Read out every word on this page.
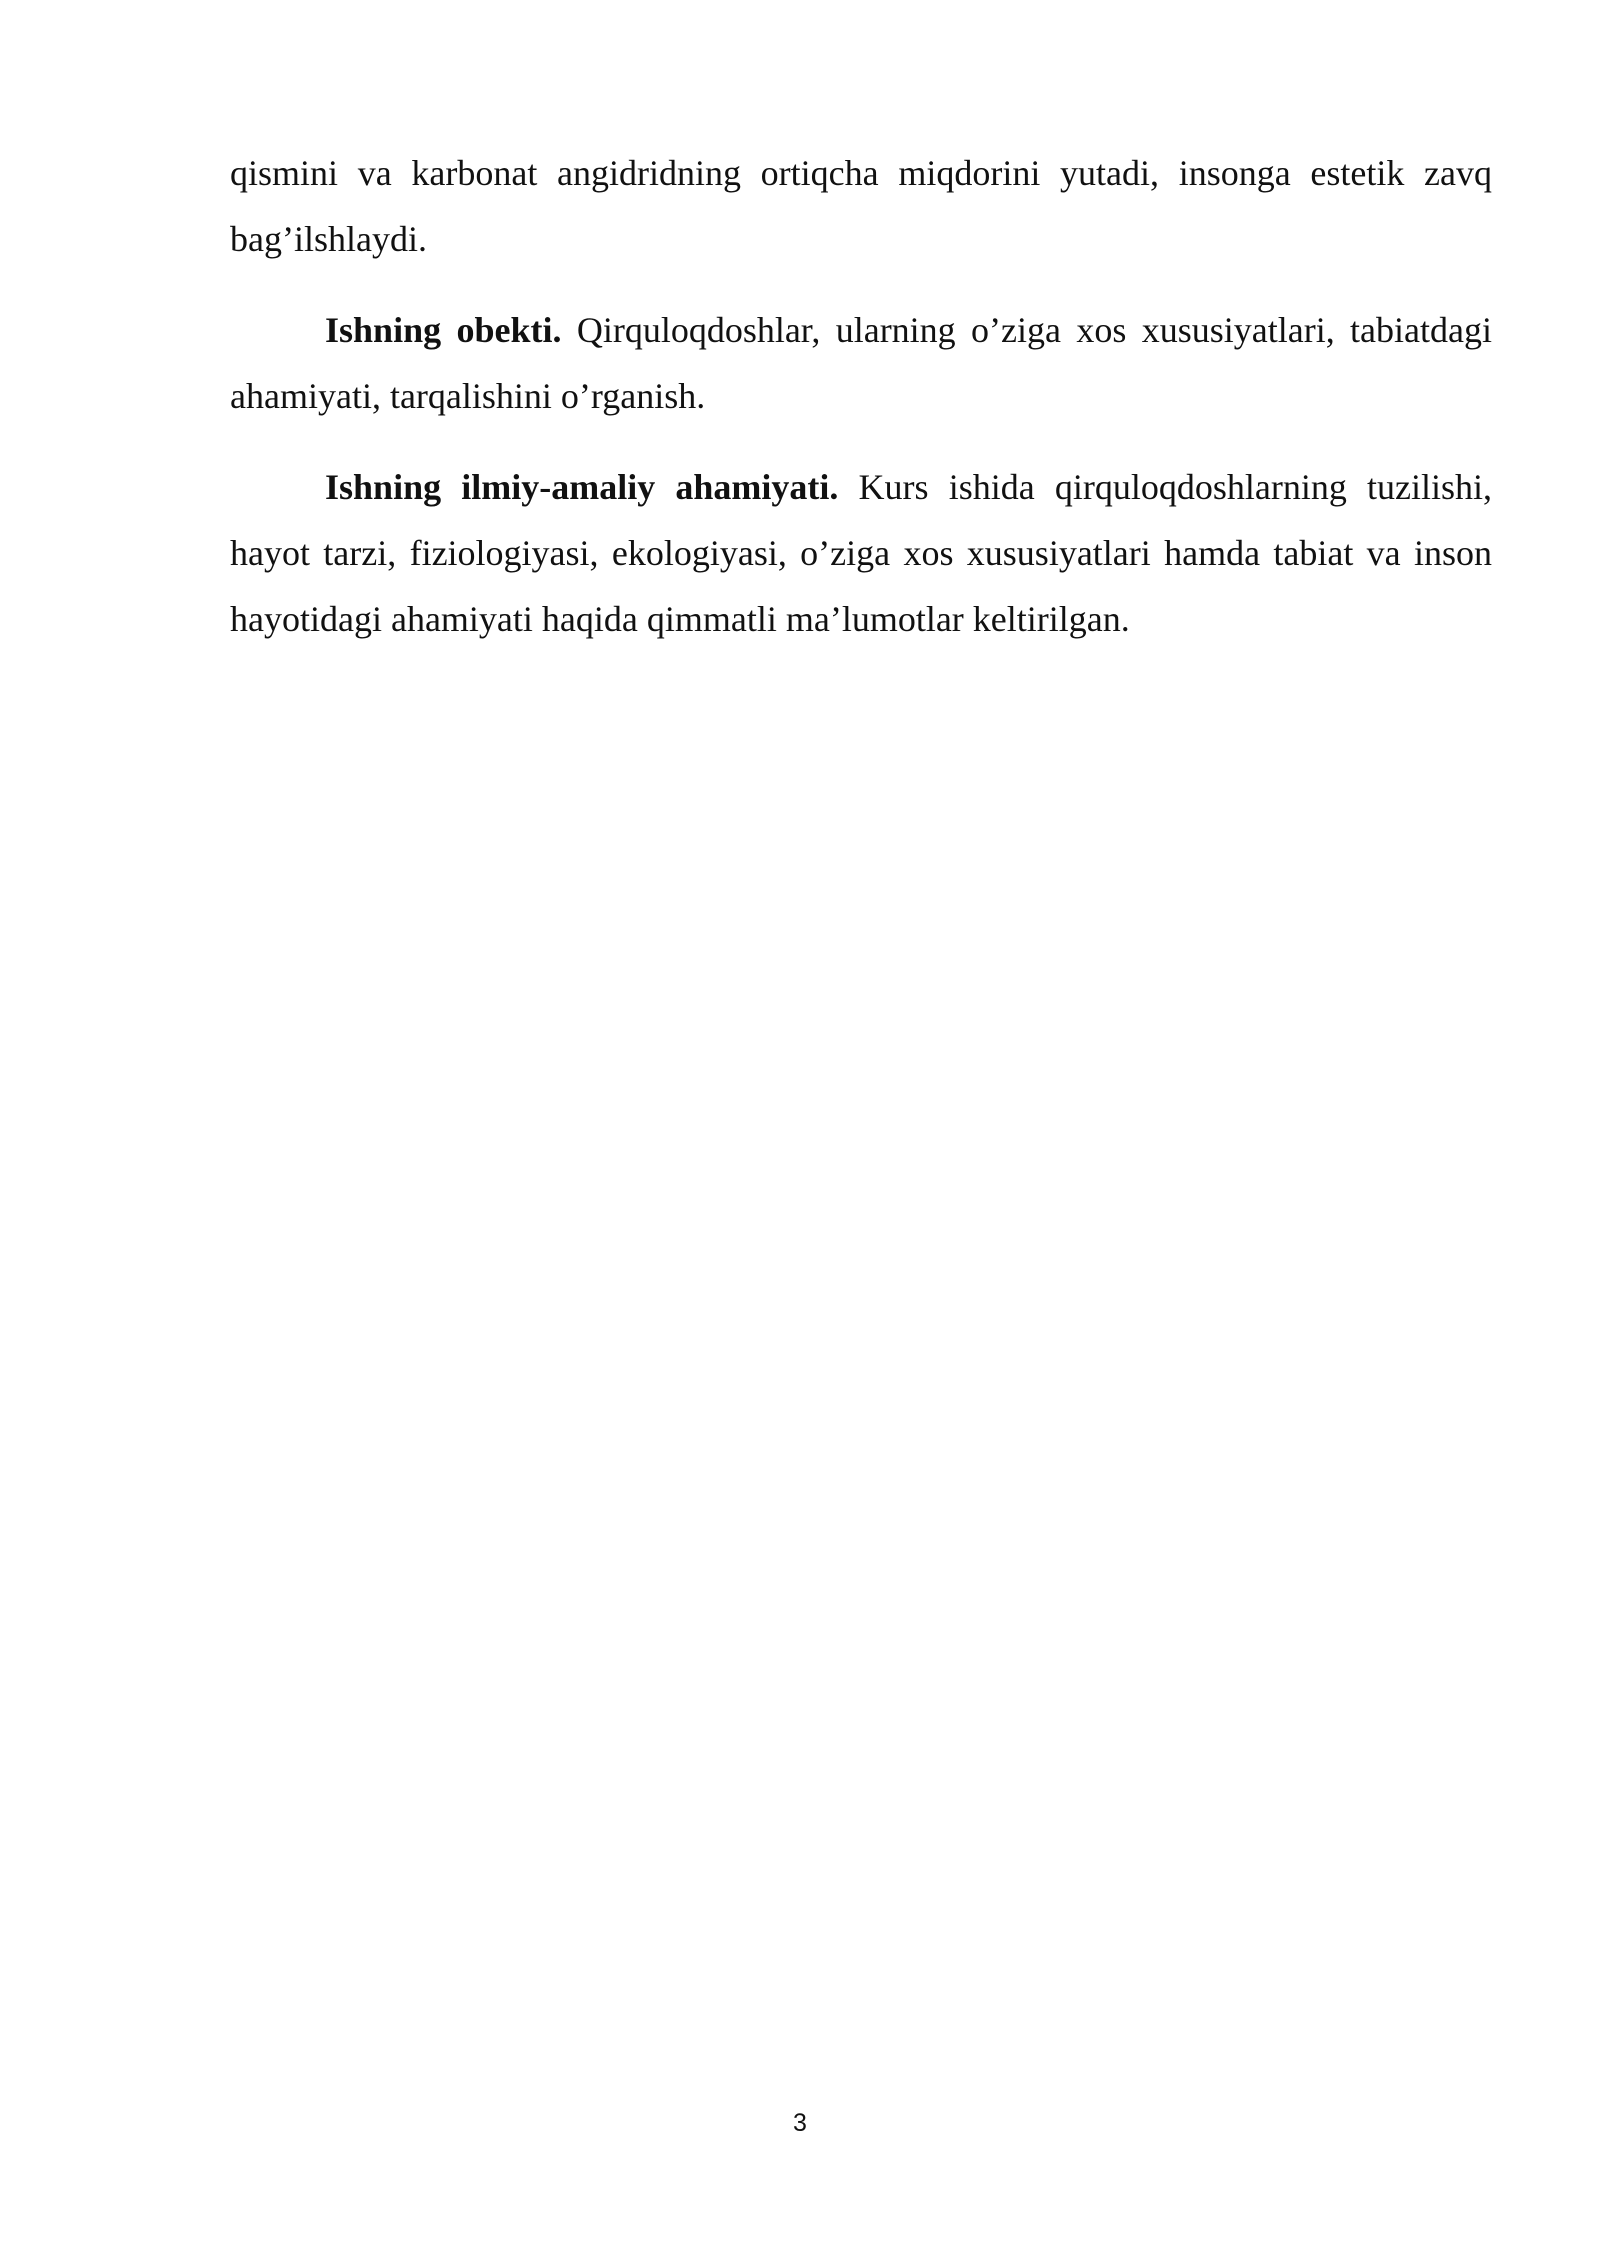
qismini va karbonat angidridning ortiqcha miqdorini yutadi, insonga estetik zavq bag’ilshlaydi.

Ishning obekti. Qirquloqdoshlar, ularning o’ziga xos xususiyatlari, tabiatdagi ahamiyati, tarqalishini o’rganish.

Ishning ilmiy-amaliy ahamiyati. Kurs ishida qirquloqdoshlarning tuzilishi, hayot tarzi, fiziologiyasi, ekologiyasi, o’ziga xos xususiyatlari hamda tabiat va inson hayotidagi ahamiyati haqida qimmatli ma’lumotlar keltirilgan.

3
